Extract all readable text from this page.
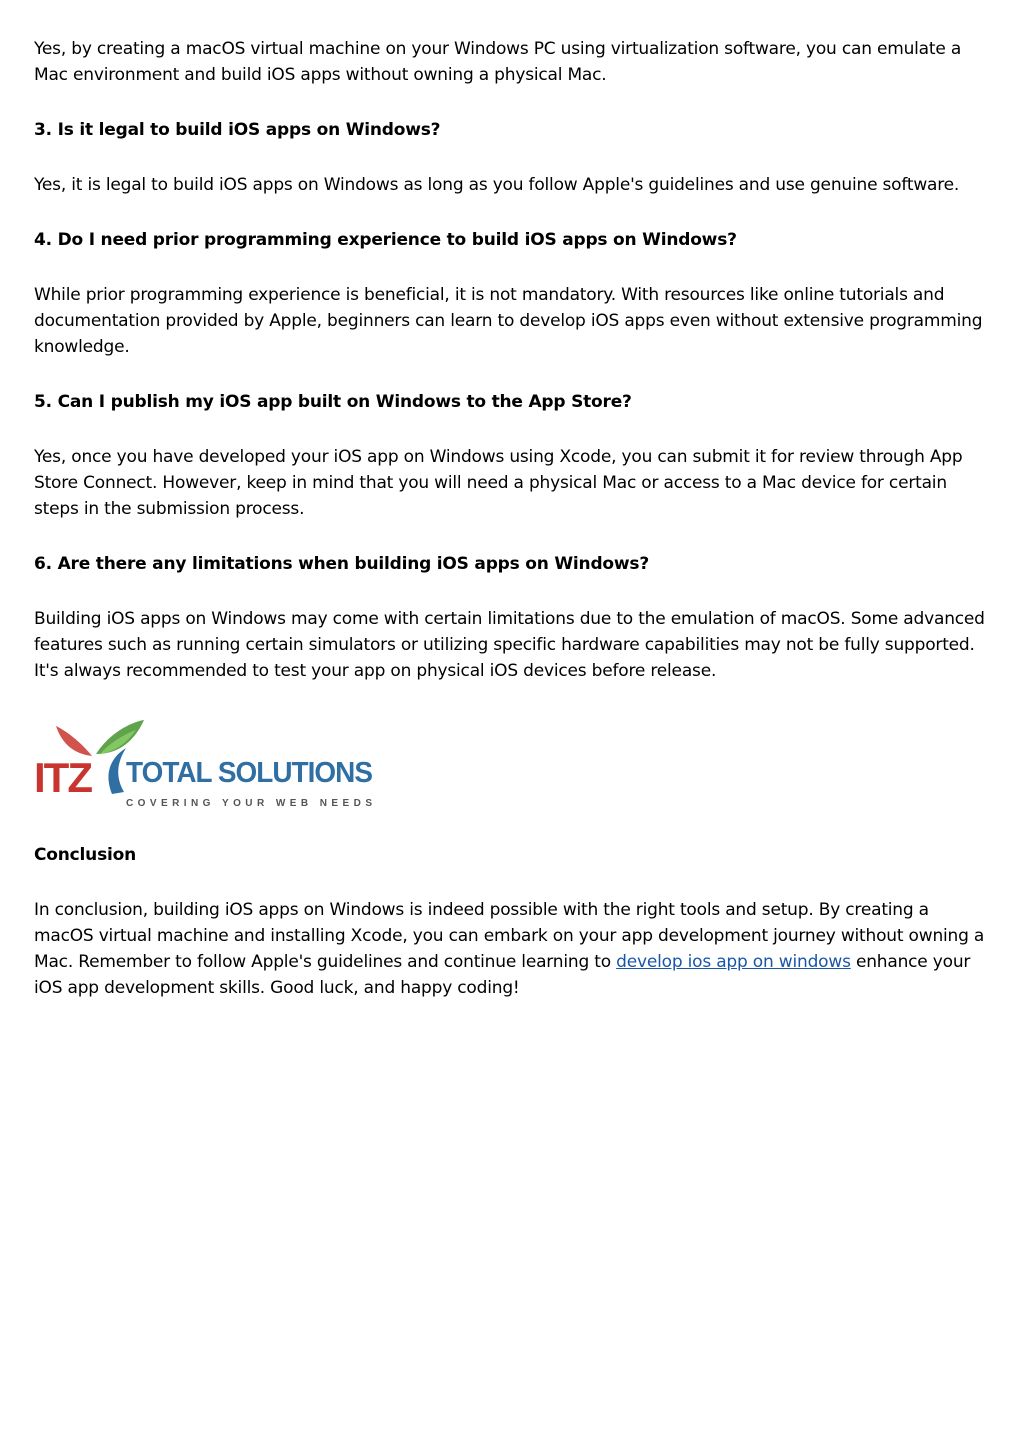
Yes, by creating a macOS virtual machine on your Windows PC using virtualization software, you can emulate a Mac environment and build iOS apps without owning a physical Mac.

3. Is it legal to build iOS apps on Windows?

Yes, it is legal to build iOS apps on Windows as long as you follow Apple's guidelines and use genuine software.

4. Do I need prior programming experience to build iOS apps on Windows?

While prior programming experience is beneficial, it is not mandatory. With resources like online tutorials and documentation provided by Apple, beginners can learn to develop iOS apps even without extensive programming knowledge.

5. Can I publish my iOS app built on Windows to the App Store?

Yes, once you have developed your iOS app on Windows using Xcode, you can submit it for review through App Store Connect. However, keep in mind that you will need a physical Mac or access to a Mac device for certain steps in the submission process.

6. Are there any limitations when building iOS apps on Windows?

Building iOS apps on Windows may come with certain limitations due to the emulation of macOS. Some advanced features such as running certain simulators or utilizing specific hardware capabilities may not be fully supported. It's always recommended to test your app on physical iOS devices before release.

ITZ TOTAL SOLUTIONS
COVERING YOUR WEB NEEDS

Conclusion

In conclusion, building iOS apps on Windows is indeed possible with the right tools and setup. By creating a macOS virtual machine and installing Xcode, you can embark on your app development journey without owning a Mac. Remember to follow Apple's guidelines and continue learning to develop ios app on windows enhance your iOS app development skills. Good luck, and happy coding!
